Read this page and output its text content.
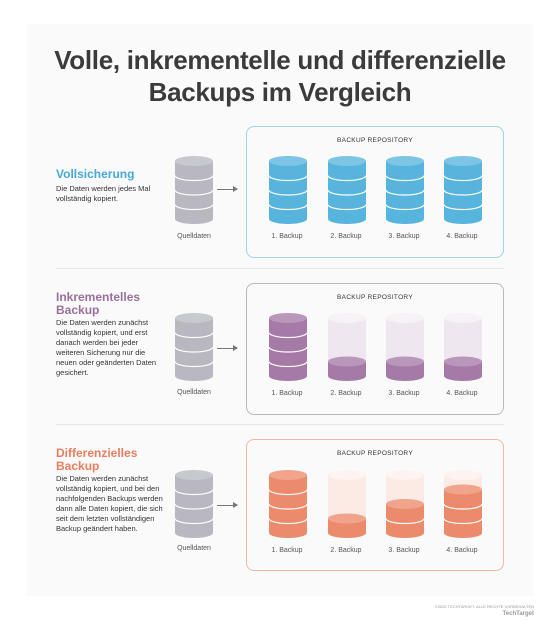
Volle, inkrementelle und differenzielle
Backups im Vergleich
Vollsicherung
Die Daten werden jedes Mal vollständig kopiert.
Quelldaten
BACKUP REPOSITORY
1. Backup	2. Backup	3. Backup	4. Backup
Inkrementelles Backup
Die Daten werden zunächst vollständig kopiert, und erst danach werden bei jeder weiteren Sicherung nur die neuen oder geänderten Daten gesichert.
Quelldaten
BACKUP REPOSITORY
1. Backup	2. Backup	3. Backup	4. Backup
Differenzielles Backup
Die Daten werden zunächst vollständig kopiert, und bei den nachfolgenden Backups werden dann alle Daten kopiert, die sich seit dem letzten vollständigen Backup geändert haben.
Quelldaten
BACKUP REPOSITORY
1. Backup	2. Backup	3. Backup	4. Backup
©2022 TECHTARGET. ALLE RECHTE VORBEHALTEN
TechTarget
